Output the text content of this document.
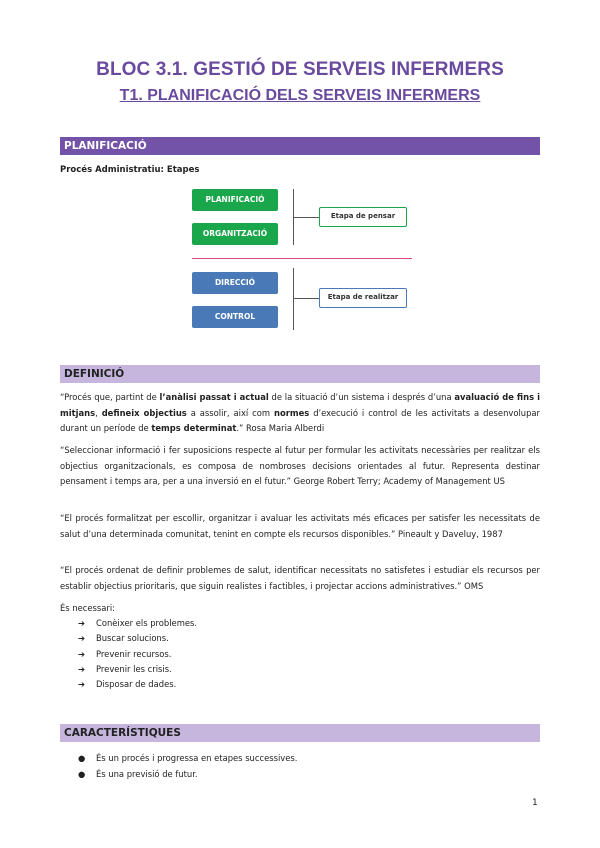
BLOC 3.1. GESTIÓ DE SERVEIS INFERMERS
T1. PLANIFICACIÓ DELS SERVEIS INFERMERS
PLANIFICACIÓ
Procés Administratiu: Etapes
PLANIFICACIÓ
ORGANITZACIÓ
DIRECCIÓ
CONTROL
Etapa de pensar
Etapa de realitzar
DEFINICIÓ

“Procés que, partint de l’anàlisi passat i actual de la situació d’un sistema i després d’una avaluació de fins i mitjans, defineix objectius a assolir, així com normes d’execució i control de les activitats a desenvolupar durant un període de temps determinat.” Rosa Maria Alberdi

“Seleccionar informació i fer suposicions respecte al futur per formular les activitats necessàries per realitzar els objectius organitzacionals, es composa de nombroses decisions orientades al futur. Representa destinar pensament i temps ara, per a una inversió en el futur.” George Robert Terry; Academy of Management US

“El procés formalitzat per escollir, organitzar i avaluar les activitats més eficaces per satisfer les necessitats de salut d’una determinada comunitat, tenint en compte els recursos disponibles.” Pineault y Daveluy, 1987

“El procés ordenat de definir problemes de salut, identificar necessitats no satisfetes i estudiar els recursos per establir objectius prioritaris, que siguin realistes i factibles, i projectar accions administratives.” OMS

És necessari:
➔	Conèixer els problemes.
➔	Buscar solucions.
➔	Prevenir recursos.
➔	Prevenir les crisis.
➔	Disposar de dades.
CARACTERÍSTIQUES
●	És un procés i progressa en etapes successives.
●	És una previsió de futur.
1
